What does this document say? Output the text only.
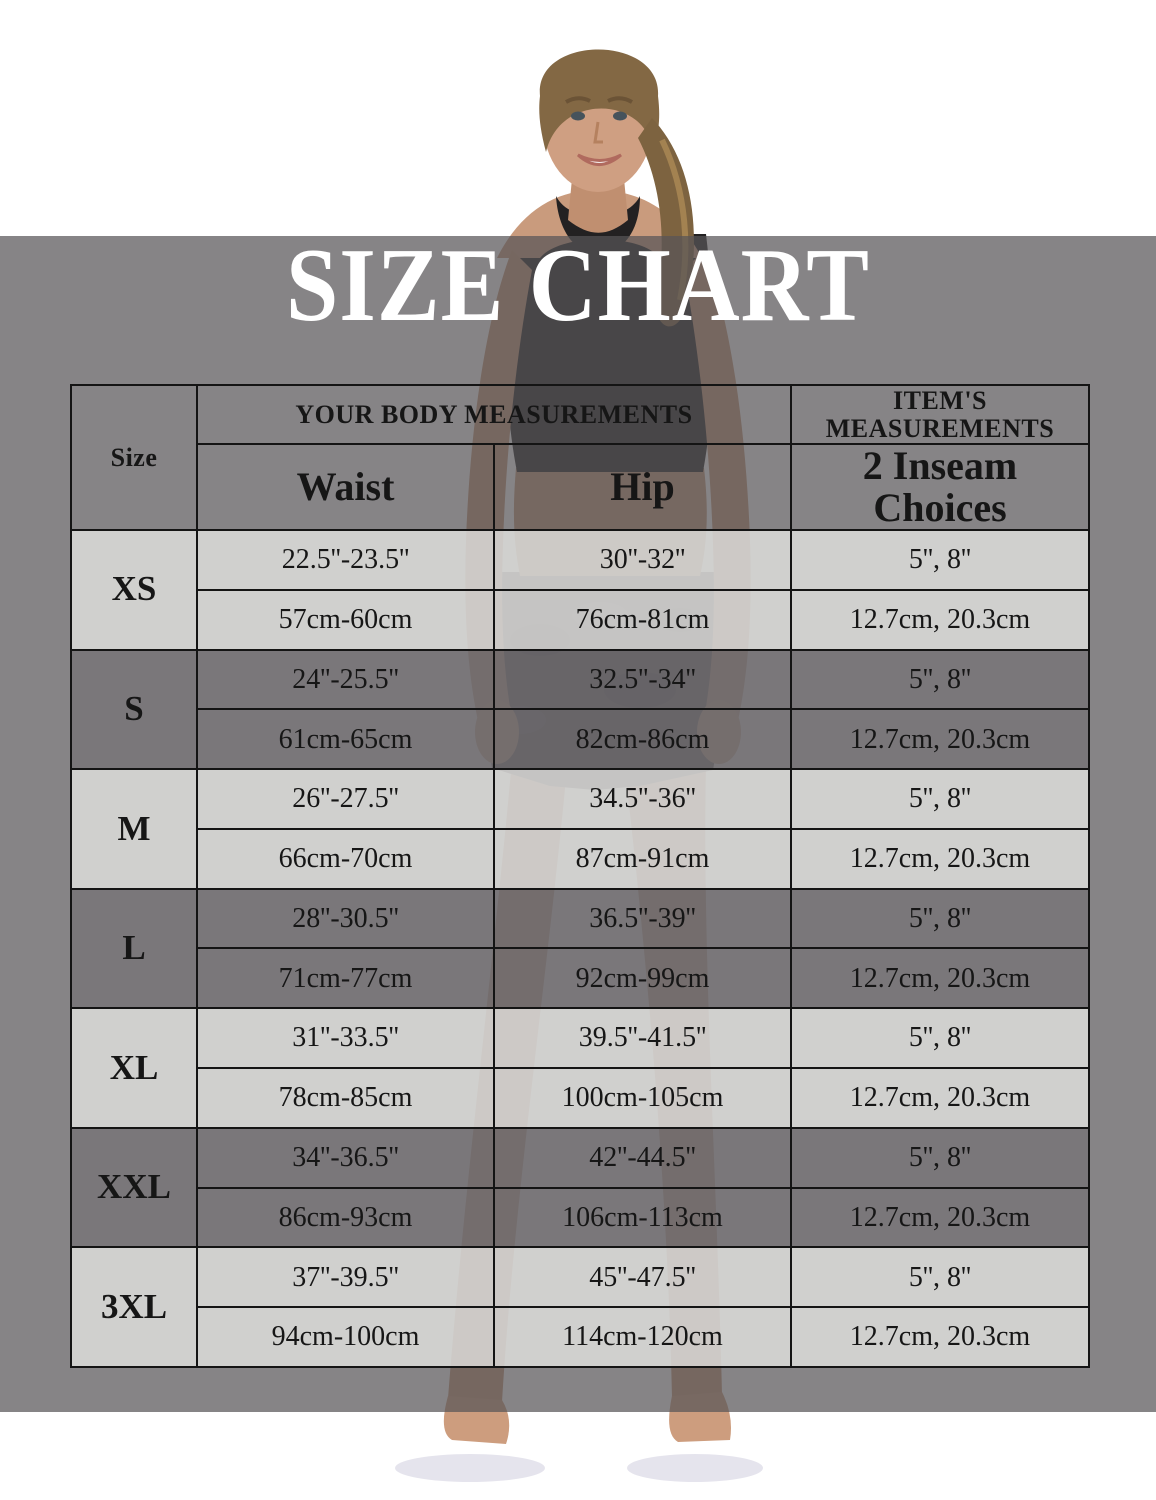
SIZE CHART
Size	YOUR BODY MEASUREMENTS		ITEM'S MEASUREMENTS
	Waist	Hip	2 Inseam Choices
XS	22.5''-23.5''	30''-32''	5'', 8''
	57cm-60cm	76cm-81cm	12.7cm, 20.3cm
S	24''-25.5''	32.5''-34''	5'', 8''
	61cm-65cm	82cm-86cm	12.7cm, 20.3cm
M	26''-27.5''	34.5''-36''	5'', 8''
	66cm-70cm	87cm-91cm	12.7cm, 20.3cm
L	28''-30.5''	36.5''-39''	5'', 8''
	71cm-77cm	92cm-99cm	12.7cm, 20.3cm
XL	31''-33.5''	39.5''-41.5''	5'', 8''
	78cm-85cm	100cm-105cm	12.7cm, 20.3cm
XXL	34''-36.5''	42''-44.5''	5'', 8''
	86cm-93cm	106cm-113cm	12.7cm, 20.3cm
3XL	37''-39.5''	45''-47.5''	5'', 8''
	94cm-100cm	114cm-120cm	12.7cm, 20.3cm
